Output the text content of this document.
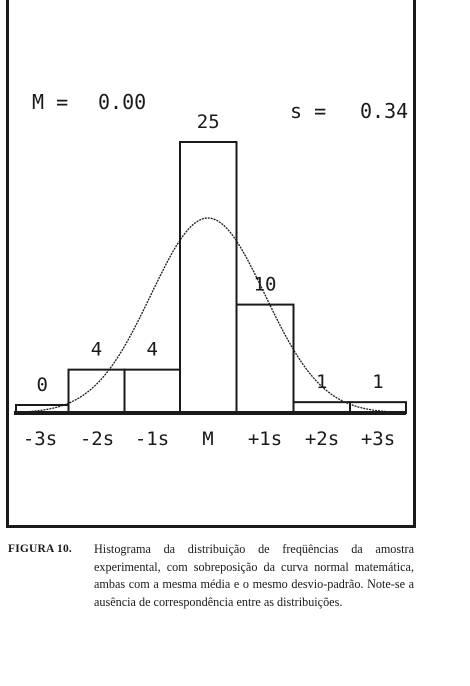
M = 0.00	s = 0.34
0
4 4
25
10
1 1
-3s -2s -1s M +1s +2s +3s
FIGURA 10. Histograma da distribuição de freqüências da amostra experimental, com sobreposição da curva normal matemática, ambas com a mesma média e o mesmo desvio-padrão. Note-se a ausência de correspondência entre as distribuições.
